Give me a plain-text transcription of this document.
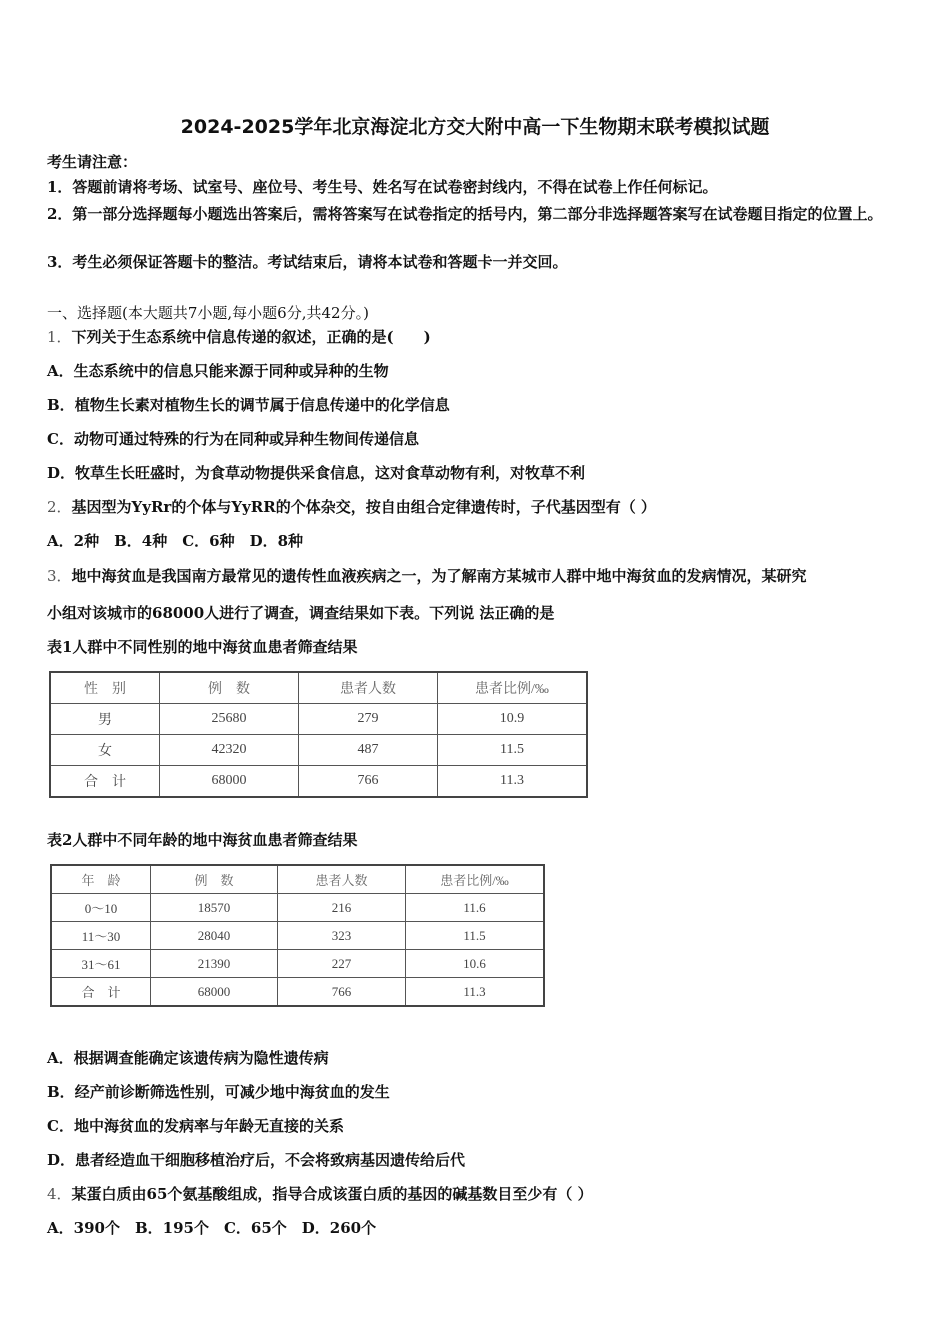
2024-2025学年北京海淀北方交大附中高一下生物期末联考模拟试题
考生请注意：
1．答题前请将考场、试室号、座位号、考生号、姓名写在试卷密封线内，不得在试卷上作任何标记。
2．第一部分选择题每小题选出答案后，需将答案写在试卷指定的括号内，第二部分非选择题答案写在试卷题目指定的位置上。
3．考生必须保证答题卡的整洁。考试结束后，请将本试卷和答题卡一并交回。
一、选择题(本大题共7小题,每小题6分,共42分。)
1．下列关于生态系统中信息传递的叙述，正确的是(　　)
A．生态系统中的信息只能来源于同种或异种的生物
B．植物生长素对植物生长的调节属于信息传递中的化学信息
C．动物可通过特殊的行为在同种或异种生物间传递信息
D．牧草生长旺盛时，为食草动物提供采食信息，这对食草动物有利，对牧草不利
2．基因型为YyRr的个体与YyRR的个体杂交，按自由组合定律遗传时，子代基因型有（ ）
A．2种　B．4种　C．6种　D．8种
3．地中海贫血是我国南方最常见的遗传性血液疾病之一，为了解南方某城市人群中地中海贫血的发病情况，某研究
小组对该城市的68000人进行了调查，调查结果如下表。下列说 法正确的是
表1人群中不同性别的地中海贫血患者筛查结果
性　别	例　数	患者人数	患者比例/‰
男	25680	279	10.9
女	42320	487	11.5
合　计	68000	766	11.3
表2人群中不同年龄的地中海贫血患者筛查结果
年　龄	例　数	患者人数	患者比例/‰
0～10	18570	216	11.6
11～30	28040	323	11.5
31～61	21390	227	10.6
合　计	68000	766	11.3
A．根据调查能确定该遗传病为隐性遗传病
B．经产前诊断筛选性别，可减少地中海贫血的发生
C．地中海贫血的发病率与年龄无直接的关系
D．患者经造血干细胞移植治疗后，不会将致病基因遗传给后代
4．某蛋白质由65个氨基酸组成，指导合成该蛋白质的基因的碱基数目至少有（ ）
A．390个　B．195个　C．65个　D．260个
